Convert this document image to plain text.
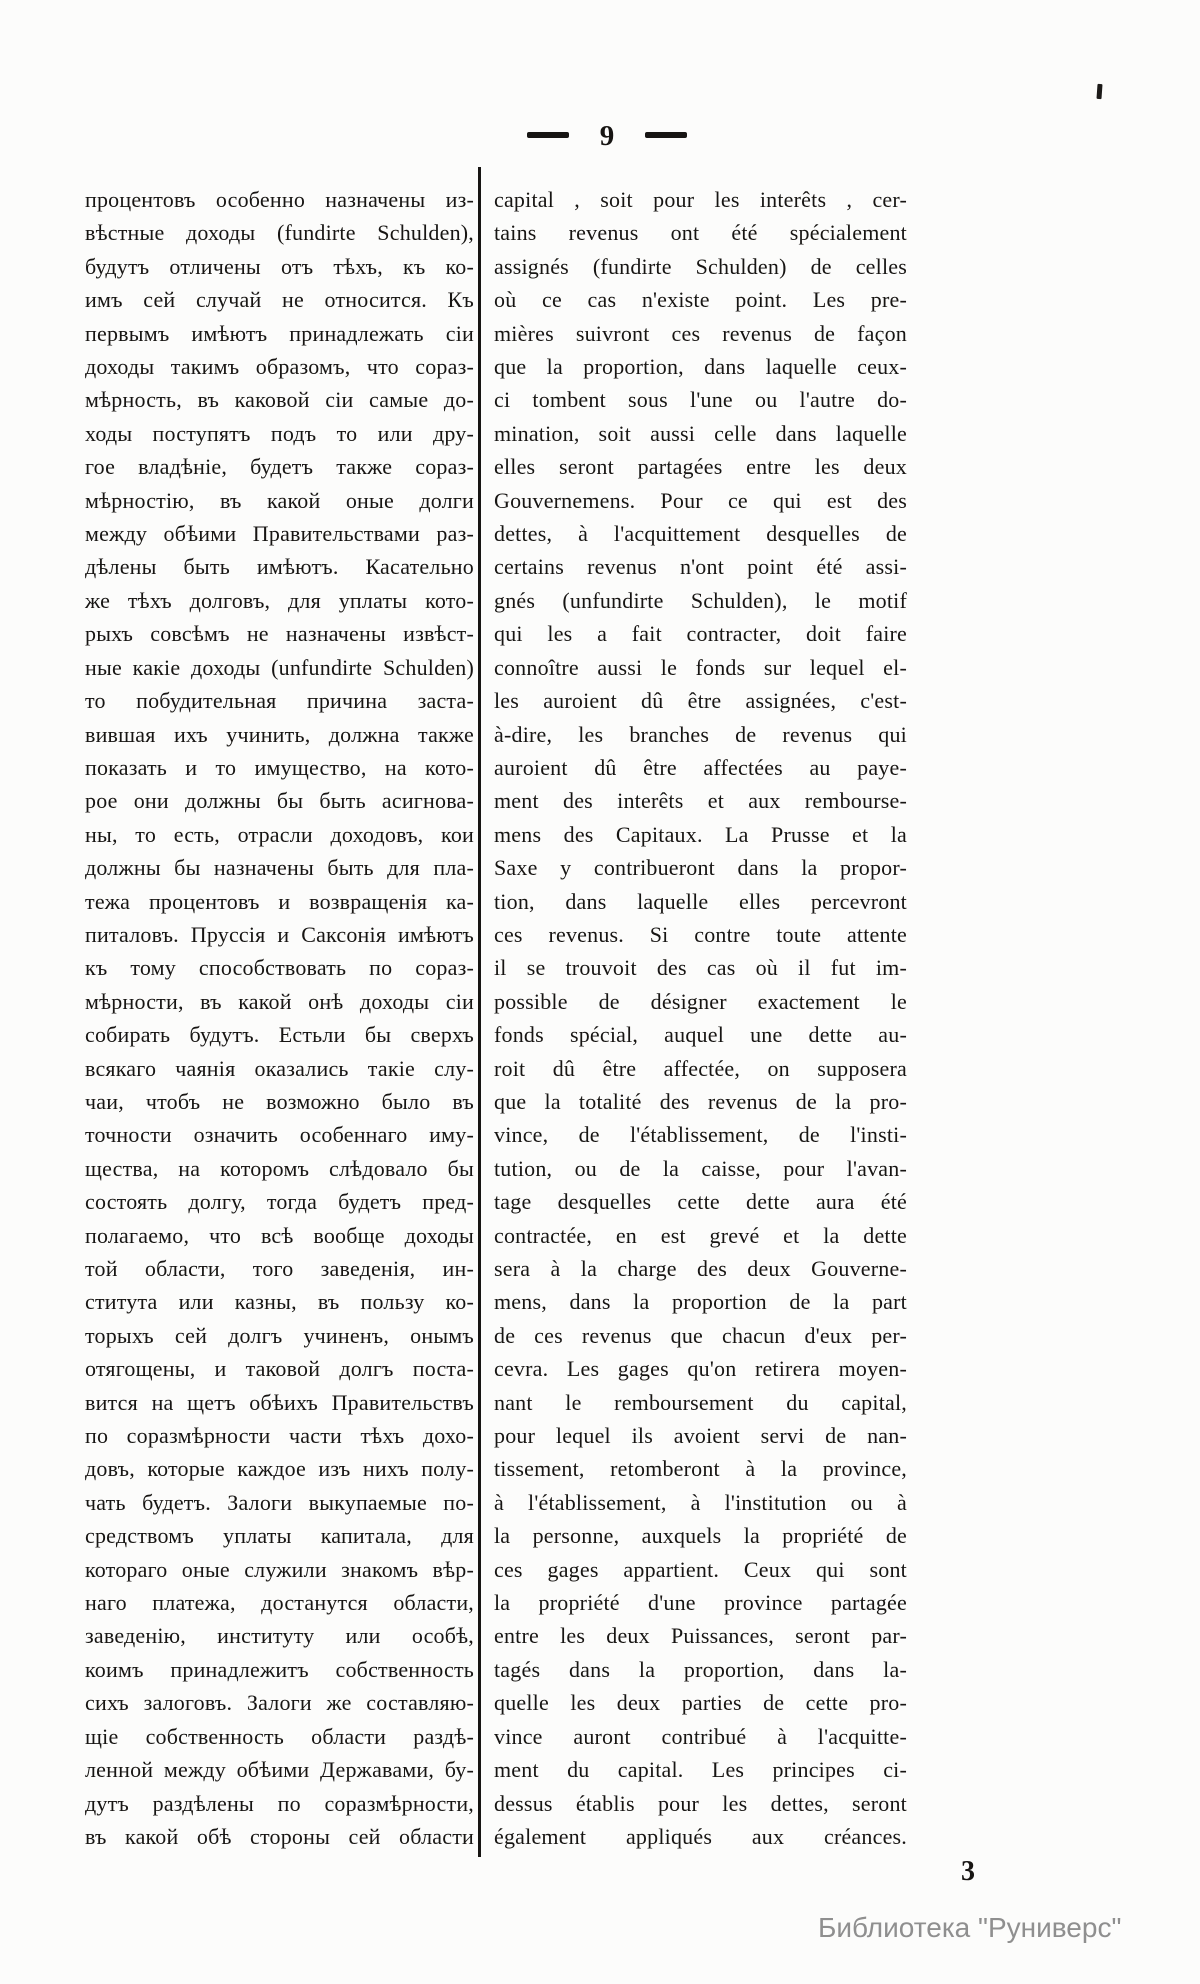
9
процентовъ особенно назначены из-
вѣстные доходы (fundirte Schulden),
будутъ отличены отъ тѣхъ, къ ко-
имъ сей случай не относится. Къ
первымъ имѣютъ принадлежать сіи
доходы такимъ образомъ, что сораз-
мѣрность, въ каковой сіи самые до-
ходы поступятъ подъ то или дру-
гое владѣніе, будетъ также сораз-
мѣрностію, въ какой оные долги
между обѣими Правительствами раз-
дѣлены быть имѣютъ. Касательно
же тѣхъ долговъ, для уплаты кото-
рыхъ совсѣмъ не назначены извѣст-
ные какіе доходы (unfundirte Schulden)
то побудительная причина заста-
вившая ихъ учинить, должна также
показать и то имущество, на кото-
рое они должны бы быть асигнова-
ны, то есть, отрасли доходовъ, кои
должны бы назначены быть для пла-
тежа процентовъ и возвращенія ка-
питаловъ. Пруссія и Саксонія имѣютъ
къ тому способствовать по сораз-
мѣрности, въ какой онѣ доходы сіи
собирать будутъ. Естьли бы сверхъ
всякаго чаянія оказались такіе слу-
чаи, чтобъ не возможно было въ
точности означить особеннаго иму-
щества, на которомъ слѣдовало бы
состоять долгу, тогда будетъ пред-
полагаемо, что всѣ вообще доходы
той области, того заведенія, ин-
ститута или казны, въ пользу ко-
торыхъ сей долгъ учиненъ, онымъ
отягощены, и таковой долгъ поста-
вится на щетъ обѣихъ Правительствъ
по соразмѣрности части тѣхъ дохо-
довъ, которые каждое изъ нихъ полу-
чать будетъ. Залоги выкупаемые по-
средствомъ уплаты капитала, для
котораго оные служили знакомъ вѣр-
наго платежа, достанутся области,
заведенію, институту или особѣ,
коимъ принадлежитъ собственность
сихъ залоговъ. Залоги же составляю-
щіе собственность области раздѣ-
ленной между обѣими Державами, бу-
дутъ раздѣлены по соразмѣрности,
въ какой обѣ стороны сей области
capital , soit pour les interêts , cer-
tains revenus ont été spécialement
assignés (fundirte Schulden) de celles
où ce cas n'existe point. Les pre-
mières suivront ces revenus de façon
que la proportion, dans laquelle ceux-
ci tombent sous l'une ou l'autre do-
mination, soit aussi celle dans laquelle
elles seront partagées entre les deux
Gouvernemens. Pour ce qui est des
dettes, à l'acquittement desquelles de
certains revenus n'ont point été assi-
gnés (unfundirte Schulden), le motif
qui les a fait contracter, doit faire
connoître aussi le fonds sur lequel el-
les auroient dû être assignées, c'est-
à-dire, les branches de revenus qui
auroient dû être affectées au paye-
ment des interêts et aux rembourse-
mens des Capitaux. La Prusse et la
Saxe y contribueront dans la propor-
tion, dans laquelle elles percevront
ces revenus. Si contre toute attente
il se trouvoit des cas où il fut im-
possible de désigner exactement le
fonds spécial, auquel une dette au-
roit dû être affectée, on supposera
que la totalité des revenus de la pro-
vince, de l'établissement, de l'insti-
tution, ou de la caisse, pour l'avan-
tage desquelles cette dette aura été
contractée, en est grevé et la dette
sera à la charge des deux Gouverne-
mens, dans la proportion de la part
de ces revenus que chacun d'eux per-
cevra. Les gages qu'on retirera moyen-
nant le remboursement du capital,
pour lequel ils avoient servi de nan-
tissement, retomberont à la province,
à l'établissement, à l'institution ou à
la personne, auxquels la propriété de
ces gages appartient. Ceux qui sont
la propriété d'une province partagée
entre les deux Puissances, seront par-
tagés dans la proportion, dans la-
quelle les deux parties de cette pro-
vince auront contribué à l'acquitte-
ment du capital. Les principes ci-
dessus établis pour les dettes, seront
également appliqués aux créances.
3
Библиотека "Руниверс"
